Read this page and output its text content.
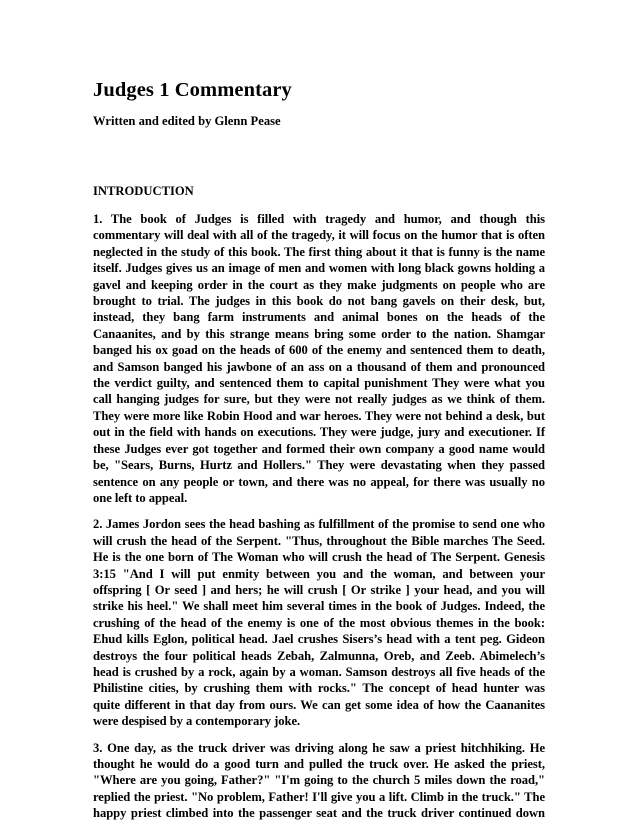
Judges 1 Commentary

Written and edited by Glenn Pease

INTRODUCTION

1. The book of Judges is filled with tragedy and humor, and though this
commentary will deal with all of the tragedy, it will focus on the humor that is often
neglected in the study of this book. The first thing about it that is funny is the name
itself. Judges gives us an image of men and women with long black gowns holding a
gavel and keeping order in the court as they make judgments on people who are
brought to trial. The judges in this book do not bang gavels on their desk, but,
instead, they bang farm instruments and animal bones on the heads of the
Canaanites, and by this strange means bring some order to the nation. Shamgar
banged his ox goad on the heads of 600 of the enemy and sentenced them to death,
and Samson banged his jawbone of an ass on a thousand of them and pronounced
the verdict guilty, and sentenced them to capital punishment They were what you
call hanging judges for sure, but they were not really judges as we think of them.
They were more like Robin Hood and war heroes. They were not behind a desk, but
out in the field with hands on executions. They were judge, jury and executioner. If
these Judges ever got together and formed their own company a good name would
be, "Sears, Burns, Hurtz and Hollers." They were devastating when they passed
sentence on any people or town, and there was no appeal, for there was usually no
one left to appeal.

2. James Jordon sees the head bashing as fulfillment of the promise to send one who
will crush the head of the Serpent. "Thus, throughout the Bible marches The Seed.
He is the one born of The Woman who will crush the head of The Serpent. Genesis
3:15 "And I will put enmity between you and the woman, and between your
offspring [ Or seed ] and hers; he will crush [ Or strike ] your head, and you will
strike his heel." We shall meet him several times in the book of Judges. Indeed, the
crushing of the head of the enemy is one of the most obvious themes in the book:
Ehud kills Eglon, political head. Jael crushes Sisers’s head with a tent peg. Gideon
destroys the four political heads Zebah, Zalmunna, Oreb, and Zeeb. Abimelech’s
head is crushed by a rock, again by a woman. Samson destroys all five heads of the
Philistine cities, by crushing them with rocks." The concept of head hunter was
quite different in that day from ours. We can get some idea of how the Caananites
were despised by a contemporary joke.

3. One day, as the truck driver was driving along he saw a priest hitchhiking. He
thought he would do a good turn and pulled the truck over. He asked the priest,
"Where are you going, Father?" "I'm going to the church 5 miles down the road,"
replied the priest. "No problem, Father! I'll give you a lift. Climb in the truck." The
happy priest climbed into the passenger seat and the truck driver continued down
